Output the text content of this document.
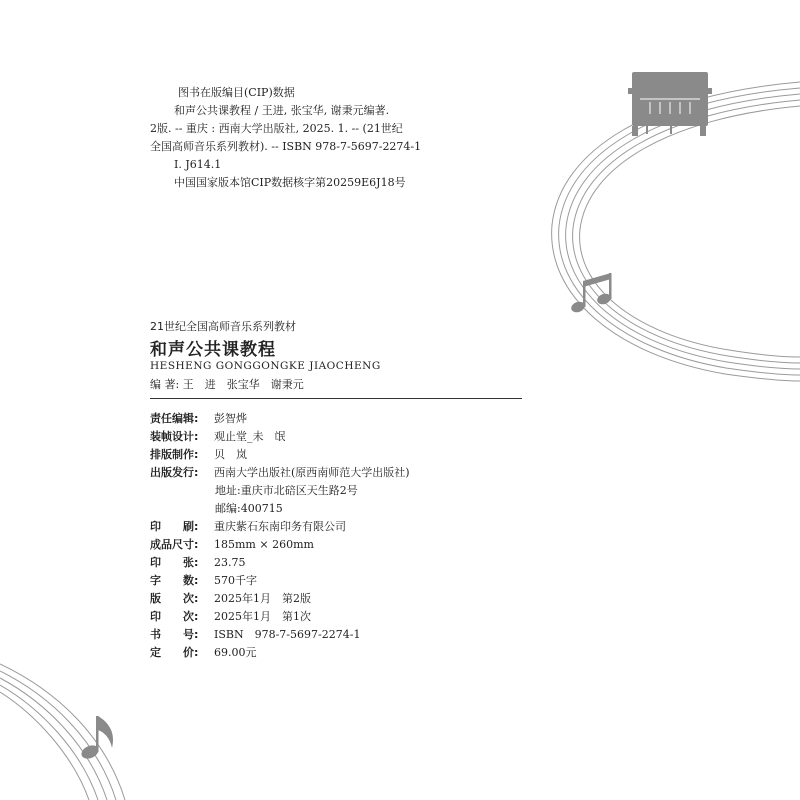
图书在版编目(CIP)数据
和声公共课教程 / 王进, 张宝华, 谢秉元编著.
2版. -- 重庆 : 西南大学出版社, 2025. 1. -- (21世纪
全国高师音乐系列教材). -- ISBN 978-7-5697-2274-1
Ⅰ. J614.1
中国国家版本馆CIP数据核字第20259E6J18号
21世纪全国高师音乐系列教材
和声公共课教程
HESHENG GONGGONGKE JIAOCHENG
编 著: 王　进　张宝华　谢秉元
责任编辑: 彭智烨
装帧设计: 观止堂_未　氓
排版制作: 贝　岚
出版发行: 西南大学出版社(原西南师范大学出版社)
地址:重庆市北碚区天生路2号
邮编:400715
印　　刷: 重庆紫石东南印务有限公司
成品尺寸: 185mm × 260mm
印　　张: 23.75
字　　数: 570千字
版　　次: 2025年1月　第2版
印　　次: 2025年1月　第1次
书　　号: ISBN　978-7-5697-2274-1
定　　价: 69.00元
